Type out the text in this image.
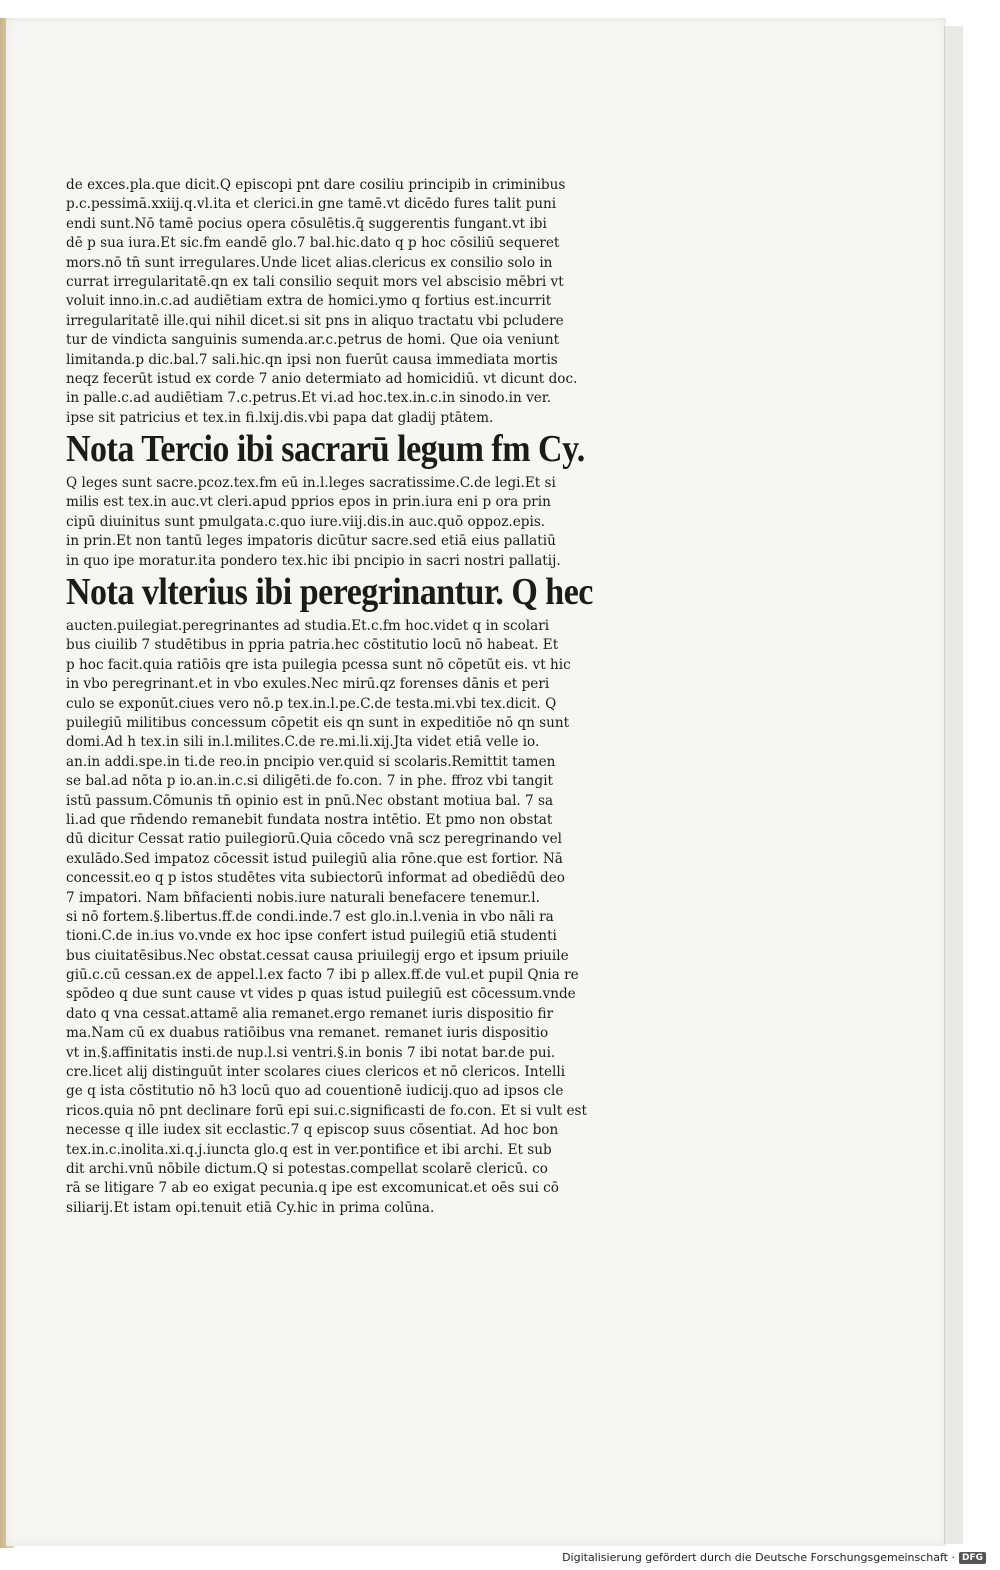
de exces.pla.que dicit.Q episcopi pnt dare cosiliu principib in criminibus
p.c.pessimā.xxiij.q.vl.ita et clerici.in gne tamē.vt dicēdo fures talit puni
endi sunt.Nō tamē pocius opera cōsulētis.q̄ suggerentis fungant.vt ibi
dē p sua iura.Et sic.fm eandē glo.7 bal.hic.dato q p hoc cōsiliū sequeret
mors.nō tn̄ sunt irregulares.Unde licet alias.clericus ex consilio solo in
currat irregularitatē.qn ex tali consilio sequit mors vel abscisio mēbri vt
voluit inno.in.c.ad audiētiam extra de homici.ymo q fortius est.incurrit
irregularitatē ille.qui nihil dicet.si sit pns in aliquo tractatu vbi pcludere
tur de vindicta sanguinis sumenda.ar.c.petrus de homi. Que oia veniunt
limitanda.p dic.bal.7 sali.hic.qn ipsi non fuerūt causa immediata mortis
neqz fecerūt istud ex corde 7 anio determiato ad homicidiū. vt dicunt doc.
in palle.c.ad audiētiam 7.c.petrus.Et vi.ad hoc.tex.in.c.in sinodo.in ver.
ipse sit patricius et tex.in fi.lxij.dis.vbi papa dat gladij ptātem.
Nota Tercio ibi sacrarū legum fm Cy.
Q leges sunt sacre.pcoz.tex.fm eū in.l.leges sacratissime.C.de legi.Et si
milis est tex.in auc.vt cleri.apud pprios epos in prin.iura eni p ora prin
cipū diuinitus sunt pmulgata.c.quo iure.viij.dis.in auc.quō oppoz.epis.
in prin.Et non tantū leges impatoris dicūtur sacre.sed etiā eius pallatiū
in quo ipe moratur.ita pondero tex.hic ibi pncipio in sacri nostri pallatij.
Nota vlterius ibi peregrinantur. Q hec
aucten.puilegiat.peregrinantes ad studia.Et.c.fm hoc.videt q in scolari
bus ciuilib 7 studētibus in ppria patria.hec cōstitutio locū nō habeat. Et
p hoc facit.quia ratiōis qre ista puilegia pcessa sunt nō cōpetūt eis. vt hic
in vbo peregrinant.et in vbo exules.Nec mirū.qz forenses dānis et peri
culo se exponūt.ciues vero nō.p tex.in.l.pe.C.de testa.mi.vbi tex.dicit. Q
puilegiū militibus concessum cōpetit eis qn sunt in expeditiōe nō qn sunt
domi.Ad h tex.in sili in.l.milites.C.de re.mi.li.xij.Jta videt etiā velle io.
an.in addi.spe.in ti.de reo.in pncipio ver.quid si scolaris.Remittit tamen
se bal.ad nōta p io.an.in.c.si diligēti.de fo.con. 7 in phe. ffroz vbi tangit
istū passum.Cōmunis tn̄ opinio est in pnū.Nec obstant motiua bal. 7 sa
li.ad que rn̄dendo remanebit fundata nostra intētio. Et pmo non obstat
dū dicitur Cessat ratio puilegiorū.Quia cōcedo vnā scz peregrinando vel
exulādo.Sed impatoz cōcessit istud puilegiū alia rōne.que est fortior. Nā
concessit.eo q p istos studētes vita subiectorū informat ad obediēdū deo
7 impatori. Nam bñfacienti nobis.iure naturali benefacere tenemur.l.
si nō fortem.§.libertus.ff.de condi.inde.7 est glo.in.l.venia in vbo nāli ra
tioni.C.de in.ius vo.vnde ex hoc ipse confert istud puilegiū etiā studenti
bus ciuitatēsibus.Nec obstat.cessat causa priuilegij ergo et ipsum priuile
giū.c.cū cessan.ex de appel.l.ex facto 7 ibi p allex.ff.de vul.et pupil Qnia re
spōdeo q due sunt cause vt vides p quas istud puilegiū est cōcessum.vnde
dato q vna cessat.attamē alia remanet.ergo remanet iuris dispositio fir
ma.Nam cū ex duabus ratiōibus vna remanet. remanet iuris dispositio
vt in.§.affinitatis insti.de nup.l.si ventri.§.in bonis 7 ibi notat bar.de pui.
cre.licet alij distinguūt inter scolares ciues clericos et nō clericos. Intelli
ge q ista cōstitutio nō h3 locū quo ad couentionē iudicij.quo ad ipsos cle
ricos.quia nō pnt declinare forū epi sui.c.significasti de fo.con. Et si vult est
necesse q ille iudex sit ecclastic.7 q episcop suus cōsentiat. Ad hoc bon
tex.in.c.inolita.xi.q.j.iuncta glo.q est in ver.pontifice et ibi archi. Et sub
dit archi.vnū nōbile dictum.Q si potestas.compellat scolarē clericū. co
rā se litigare 7 ab eo exigat pecunia.q ipe est excomunicat.et oēs sui cō
siliarij.Et istam opi.tenuit etiā Cy.hic in prima colūna.
Digitalisierung gefördert durch die Deutsche Forschungsgemeinschaft · DFG
